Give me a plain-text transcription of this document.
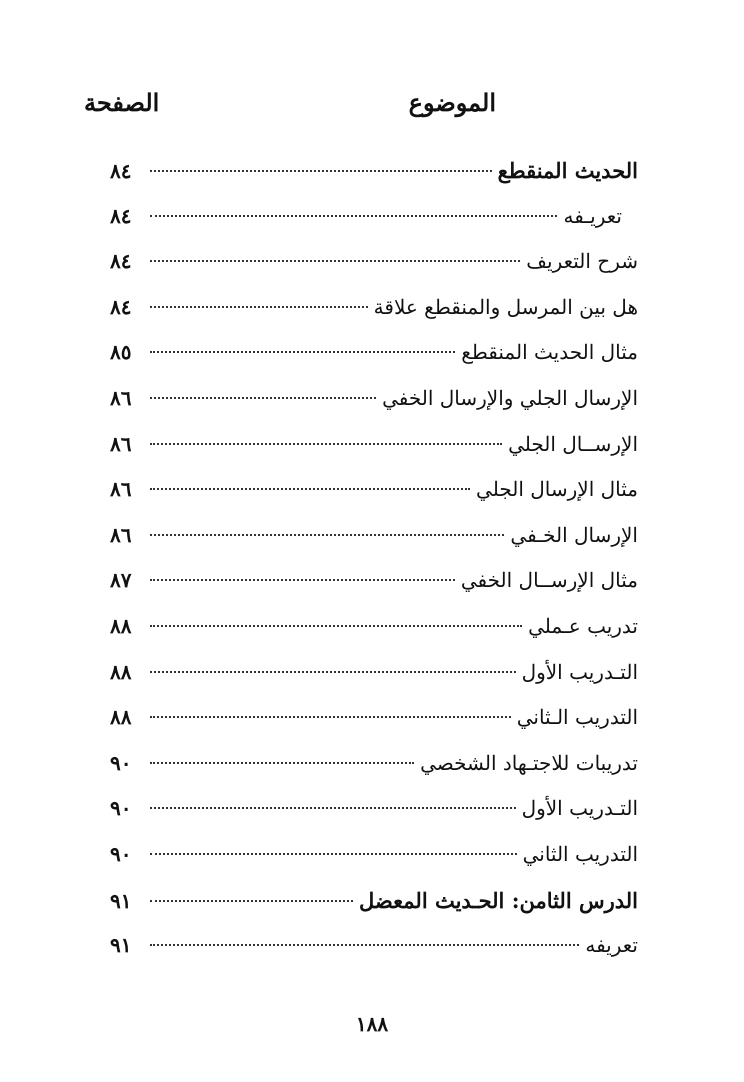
الموضوع
الصفحة
الحديث المنقطع
٨٤
تعريـفه
٨٤
شرح التعريف
٨٤
هل بين المرسل والمنقطع علاقة
٨٤
مثال الحديث المنقطع
٨٥
الإرسال الجلي والإرسال الخفي
٨٦
الإرســال الجلي
٨٦
مثال الإرسال الجلي
٨٦
الإرسال الخـفي
٨٦
مثال الإرســال الخفي
٨٧
تدريب عـملي
٨٨
التـدريب الأول
٨٨
التدريب الـثاني
٨٨
تدريبات للاجتـهاد الشخصي
٩٠
التـدريب الأول
٩٠
التدريب الثاني
٩٠
الدرس الثامن: الحـديث المعضل
٩١
تعريفه
٩١
١٨٨
